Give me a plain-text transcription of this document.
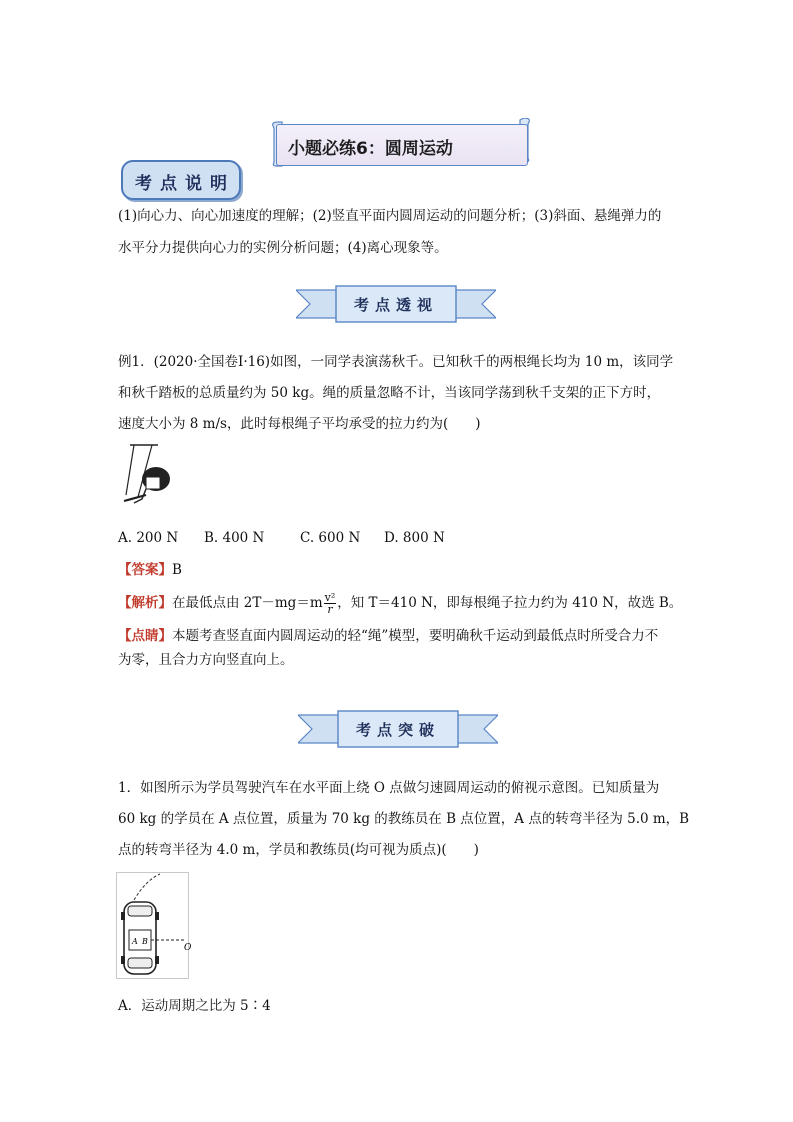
小题必练6：圆周运动
考点说明
(1)向心力、向心加速度的理解；(2)竖直平面内圆周运动的问题分析；(3)斜面、悬绳弹力的
水平分力提供向心力的实例分析问题；(4)离心现象等。
考点透视
例1．(2020·全国卷Ⅰ·16)如图，一同学表演荡秋千。已知秋千的两根绳长均为 10 m，该同学
和秋千踏板的总质量约为 50 kg。绳的质量忽略不计，当该同学荡到秋千支架的正下方时，
速度大小为 8 m/s，此时每根绳子平均承受的拉力约为(　　)
A. 200 N B. 400 N	C. 600 N D. 800 N
【答案】B
【解析】在最低点由 $2T-mg=m \frac{\text{v²}}{r}$ ，知 T＝410 N，即每根绳子拉力约为 410 N，故选 B。
【点睛】本题考查竖直面内圆周运动的轻“绳”模型，要明确秋千运动到最低点时所受合力不
为零，且合力方向竖直向上。
考点突破
1．如图所示为学员驾驶汽车在水平面上绕 O 点做匀速圆周运动的俯视示意图。已知质量为
60 kg 的学员在 A 点位置，质量为 70 kg 的教练员在 B 点位置，A 点的转弯半径为 5.0 m，B
点的转弯半径为 4.0 m，学员和教练员(均可视为质点)(　　)
A B
O
A．运动周期之比为 5∶4
